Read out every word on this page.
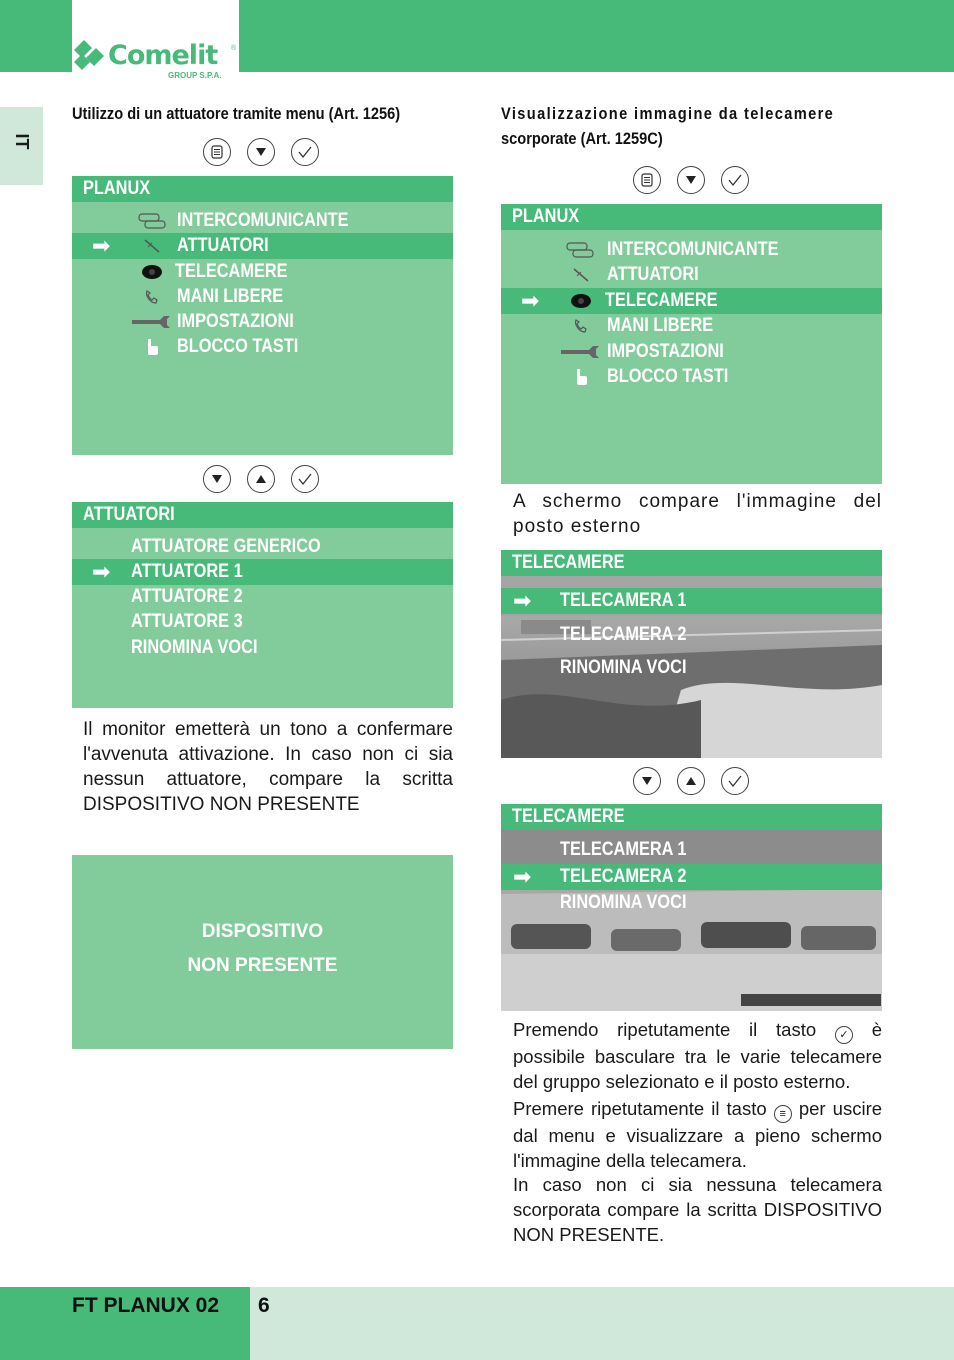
Comelit ®
GROUP S.P.A.
IT
Utilizzo di un attuatore tramite menu (Art. 1256)
PLANUX
INTERCOMUNICANTE
➡	ATTUATORI
TELECAMERE
MANI LIBERE
IMPOSTAZIONI
BLOCCO TASTI
ATTUATORI
ATTUATORE GENERICO
➡ ATTUATORE 1
ATTUATORE 2
ATTUATORE 3
RINOMINA VOCI
Il monitor emetterà un tono a confermare l'avvenuta attivazione. In caso non ci sia nessun attuatore, compare la scritta DISPOSITIVO NON PRESENTE
DISPOSITIVO
NON PRESENTE
Visualizzazione immagine da telecamere
scorporate (Art. 1259C)
PLANUX
INTERCOMUNICANTE
ATTUATORI
➡	TELECAMERE
MANI LIBERE
IMPOSTAZIONI
BLOCCO TASTI
A schermo compare l'immagine del posto esterno
TELECAMERE
➡ TELECAMERA 1
TELECAMERA 2
RINOMINA VOCI
TELECAMERE
TELECAMERA 1
➡ TELECAMERA 2
RINOMINA VOCI
Premendo ripetutamente il tasto ✓ è possibile basculare tra le varie telecamere del gruppo selezionato e il posto esterno.
Premere ripetutamente il tasto ≡ per uscire dal menu e visualizzare a pieno schermo l'immagine della telecamera.
In caso non ci sia nessuna telecamera scorporata compare la scritta DISPOSITIVO NON PRESENTE.
FT PLANUX 02 6
